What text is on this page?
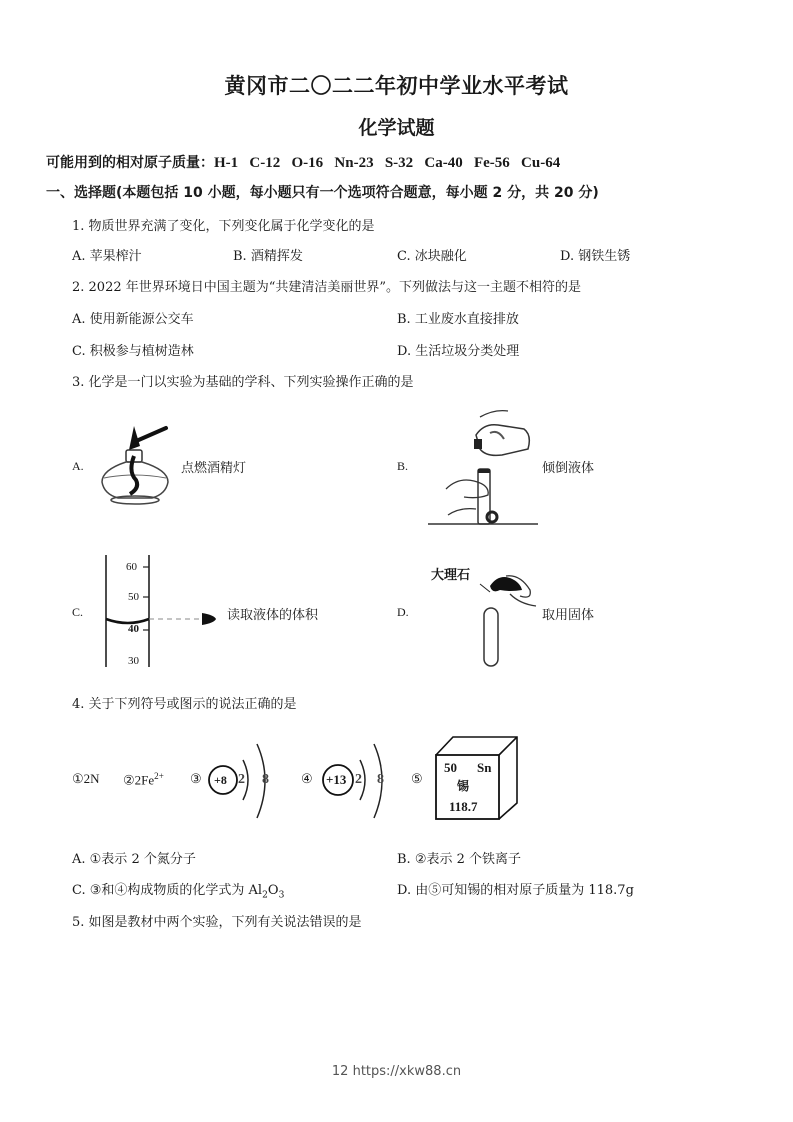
黄冈市二〇二二年初中学业水平考试
化学试题
可能用到的相对原子质量：H-1   C-12   O-16   Nn-23   S-32   Ca-40   Fe-56   Cu-64
一、选择题(本题包括 10 小题，每小题只有一个选项符合题意，每小题 2 分，共 20 分)
1. 物质世界充满了变化，下列变化属于化学变化的是
A. 苹果榨汁	B. 酒精挥发	C. 冰块融化	D. 钢铁生锈
2. 2022 年世界环境日中国主题为“共建清洁美丽世界”。下列做法与这一主题不相符的是
A. 使用新能源公交车	B. 工业废水直接排放
C. 积极参与植树造林	D. 生活垃圾分类处理
3. 化学是一门以实验为基础的学科、下列实验操作正确的是
A.	点燃酒精灯	B.	倾倒液体
C.
60
50
40
30
读取液体的体积	D.
大理石
取用固体
4. 关于下列符号或图示的说法正确的是
①2N $②2Fe^{2+}$ ③ +8 2 8 ④ +13 2 8 ⑤
50 Sn
锡
118.7
A. ①表示 2 个氮分子	B. ②表示 2 个铁离子
C. ③和④构成物质的化学式为 $Al_2O_3$	D. 由⑤可知锡的相对原子质量为 118.7g
5. 如图是教材中两个实验，下列有关说法错误的是
12 https://xkw88.cn
